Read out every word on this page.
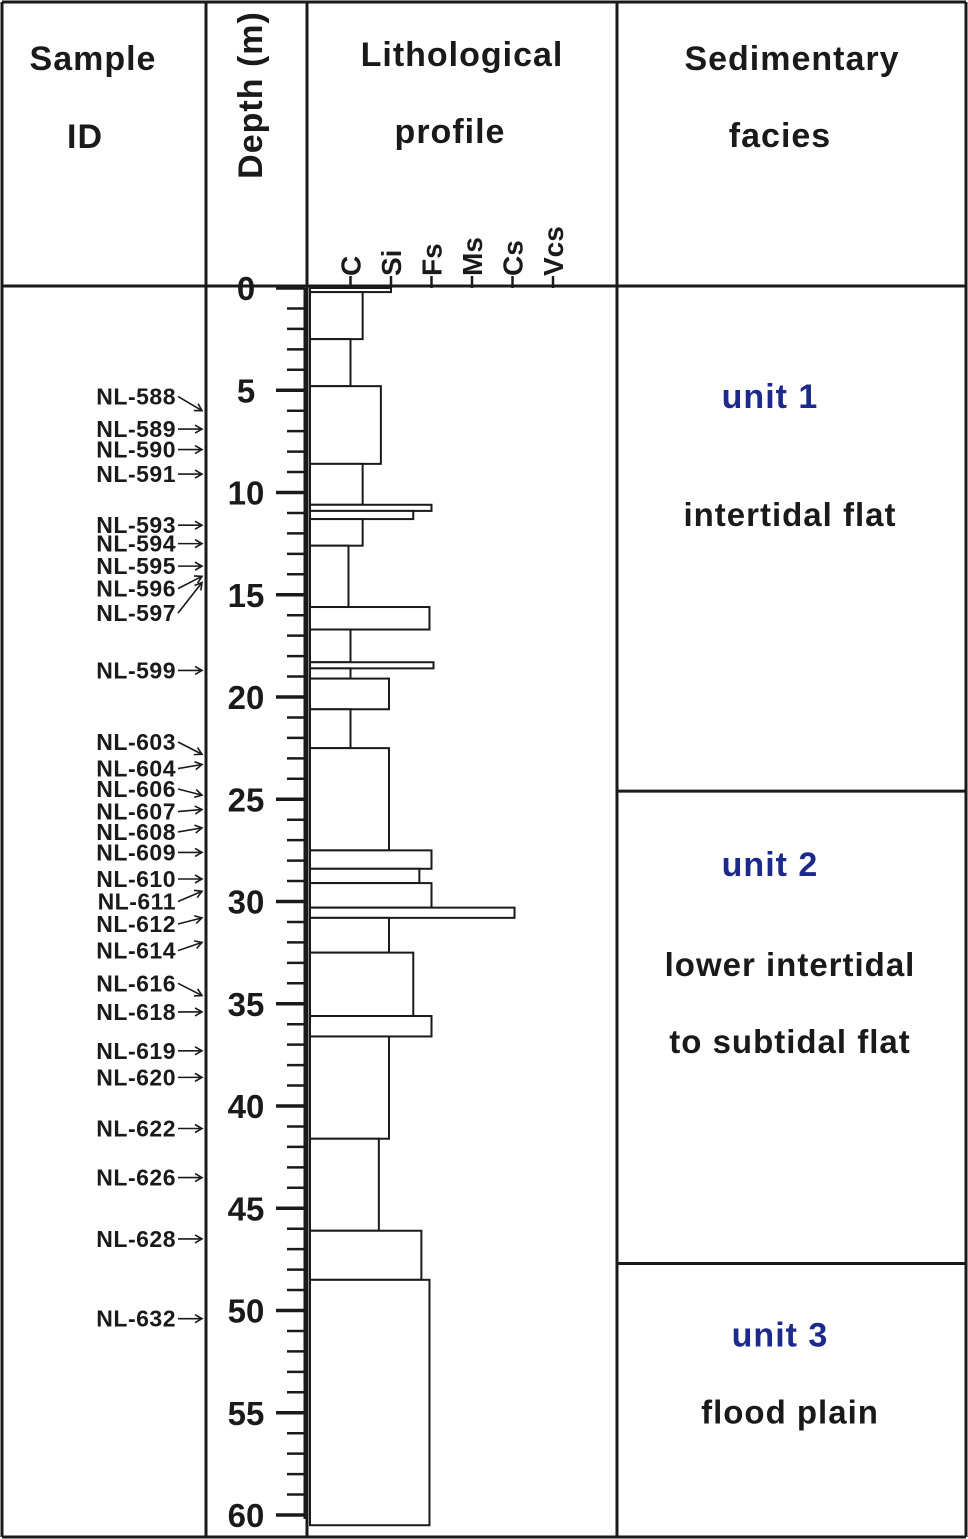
Sample
ID	Depth (m)	Lithological
profile
Sedimentary
facies
C Si Fs Ms Cs Vcs
0
5
10
15
20
25
30
35
40
45
50
55
60
NL-588
NL-589
NL-590
NL-591
NL-593
NL-594
NL-595
NL-596
NL-597
NL-599
NL-603
NL-604
NL-606
NL-607
NL-608
NL-609
NL-610
NL-611
NL-612
NL-614
NL-616
NL-618
NL-619
NL-620
NL-622
NL-626
NL-628
NL-632
unit 1
intertidal flat
unit 2
lower intertidal
to subtidal flat
unit 3
flood plain
